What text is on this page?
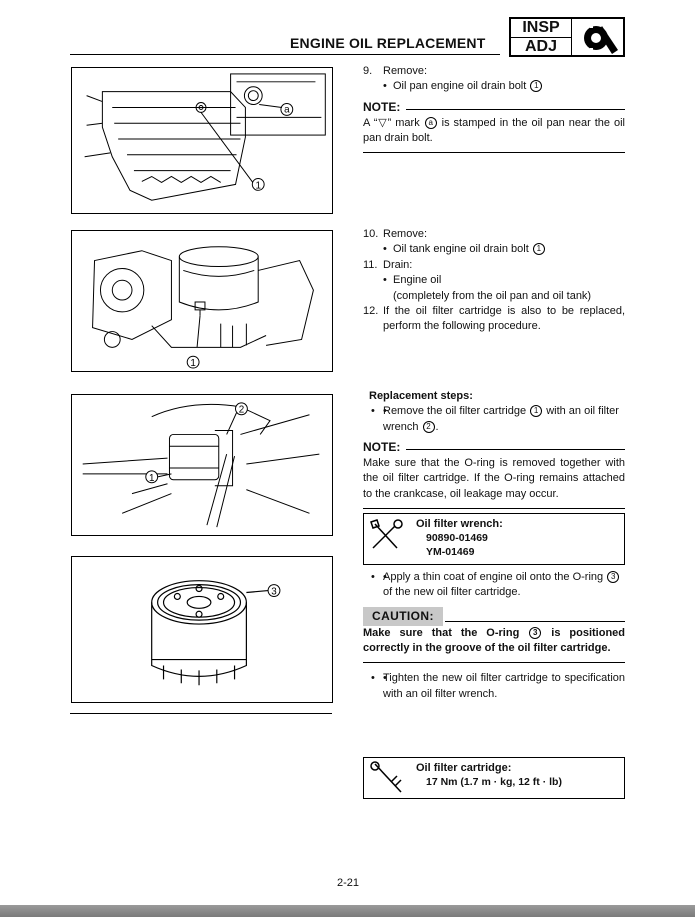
ENGINE OIL REPLACEMENT
INSP
ADJ
1
a
1
2
1
3
9. Remove:
• Oil pan engine oil drain bolt 1
NOTE:
A “▽” mark a is stamped in the oil pan near the oil pan drain bolt.
10. Remove:
• Oil tank engine oil drain bolt 1
11. Drain:
• Engine oil
(completely from the oil pan and oil tank)
12. If the oil filter cartridge is also to be replaced, perform the following procedure.
Replacement steps:
• • Remove the oil filter cartridge 1 with an oil filter wrench 2 .
NOTE:
Make sure that the O-ring is removed together with the oil filter cartridge. If the O-ring remains attached to the crankcase, oil leakage may occur.
Oil filter wrench:
90890-01469
YM-01469
• • Apply a thin coat of engine oil onto the O-ring 3 of the new oil filter cartridge.
CAUTION:
Make sure that the O-ring 3 is positioned correctly in the groove of the oil filter cartridge.
• • Tighten the new oil filter cartridge to specification with an oil filter wrench.
Oil filter cartridge:
17 Nm (1.7 m · kg, 12 ft · lb)
2-21
